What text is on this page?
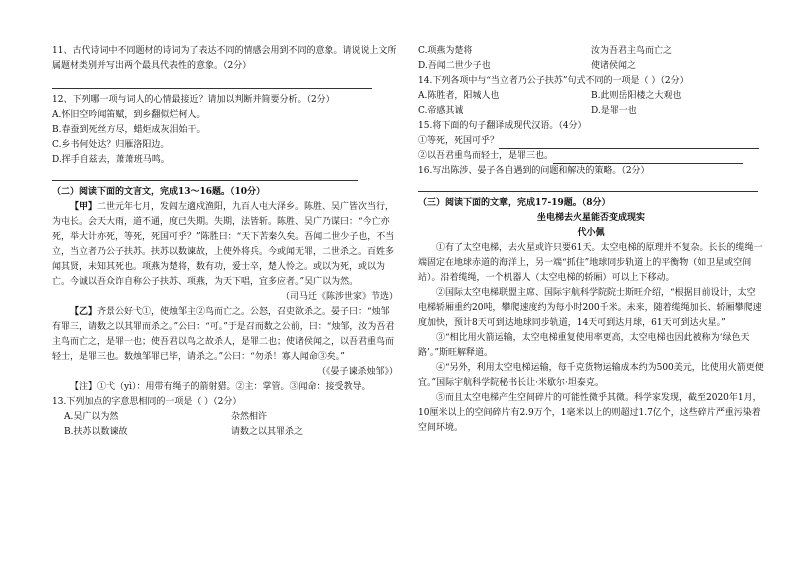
11、古代诗词中不同题材的诗词为了表达不同的情感会用到不同的意象。请说说上文所属题材类别并写出两个最具代表性的意象。（2分）

12、下列哪一项与词人的心情最接近？请加以判断并简要分析。（2分）

A.怀旧空吟闻笛赋，到乡翻似烂柯人。

B.春蚕到死丝方尽，蜡炬成灰泪始干。

C.乡书何处达？归雁洛阳边。

D.挥手自兹去，萧萧班马鸣。

（二）阅读下面的文言文，完成13～16题。（10分）

【甲】二世元年七月，发闾左適戍渔阳，九百人屯大泽乡。陈胜、吴广皆次当行，为屯长。会天大雨，道不通，度已失期。失期，法皆斩。陈胜、吴广乃谋曰：“今亡亦死，举大计亦死，等死，死国可乎？”陈胜曰：“天下苦秦久矣。吾闻二世少子也，不当立，当立者乃公子扶苏。扶苏以数谏故，上使外将兵。今或闻无罪，二世杀之。百姓多闻其贤，未知其死也。项燕为楚将，数有功，爱士卒，楚人怜之。或以为死，或以为亡。今诚以吾众诈自称公子扶苏、项燕，为天下唱，宜多应者。”吴广以为然。

（司马迁《陈涉世家》节选）

【乙】齐景公好弋①，使烛邹主②鸟而亡之。公怒，召吏欲杀之。晏子曰：“烛邹有罪三，请数之以其罪而杀之。”公曰：“可。”于是召而数之公前，曰：“烛邹，汝为吾君主鸟而亡之，是罪一也；使吾君以鸟之故杀人，是罪二也；使诸侯闻之，以吾君重鸟而轻士，是罪三也。数烛邹罪已毕，请杀之。”公曰：“勿杀！寡人闻命③矣。”

（《晏子谏杀烛邹》）

【注】①弋（yì）：用带有绳子的箭射猎。②主：掌管。③闻命：接受教导。

13.下列加点的字意思相同的一项是（ ）（2分）

A.吴广以为然	杂然相许
B.扶苏以数谏故	请数之以其罪杀之
C.项燕为楚将	汝为吾君主鸟而亡之
D.吾闻二世少子也	使诸侯闻之

14.下列各项中与“当立者乃公子扶苏”句式不同的一项是（ ）（2分）

A.陈胜者，阳城人也	B.此则岳阳楼之大观也
C.帝感其诚	D.是罪一也

15.将下面的句子翻译成现代汉语。（4分）

①等死，死国可乎？

②以吾君重鸟而轻士，是罪三也。

16.写出陈涉、晏子各自遇到的问题和解决的策略。（2分）

（三）阅读下面的文章，完成17-19题。（8分）

坐电梯去火星能否变成现实

代小佩

①有了太空电梯，去火星或许只要61天。太空电梯的原理并不复杂。长长的缆绳一端固定在地球赤道的海洋上，另一端“抓住”地球同步轨道上的平衡物（如卫星或空间站）。沿着缆绳，一个机器人（太空电梯的轿厢）可以上下移动。

②国际太空电梯联盟主席、国际宇航科学院院士斯旺介绍，“根据目前设计，太空电梯轿厢重约20吨，攀爬速度约为每小时200千米。未来，随着缆绳加长、轿厢攀爬速度加快，预计8天可到达地球同步轨道，14天可到达月球，61天可到达火星。”

③“相比用火箭运输，太空电梯重复使用率更高，太空电梯也因此被称为‘绿色天路’。”斯旺解释道。

④“另外，利用太空电梯运输，每千克货物运输成本约为500美元，比使用火箭更便宜。”国际宇航科学院秘书长让·米歇尔·坦泰克。

⑤而且太空电梯产生空间碎片的可能性微乎其微。科学家发现，截至2020年1月，10厘米以上的空间碎片有2.9万个，1毫米以上的则超过1.7亿个，这些碎片严重污染着空间环境。
